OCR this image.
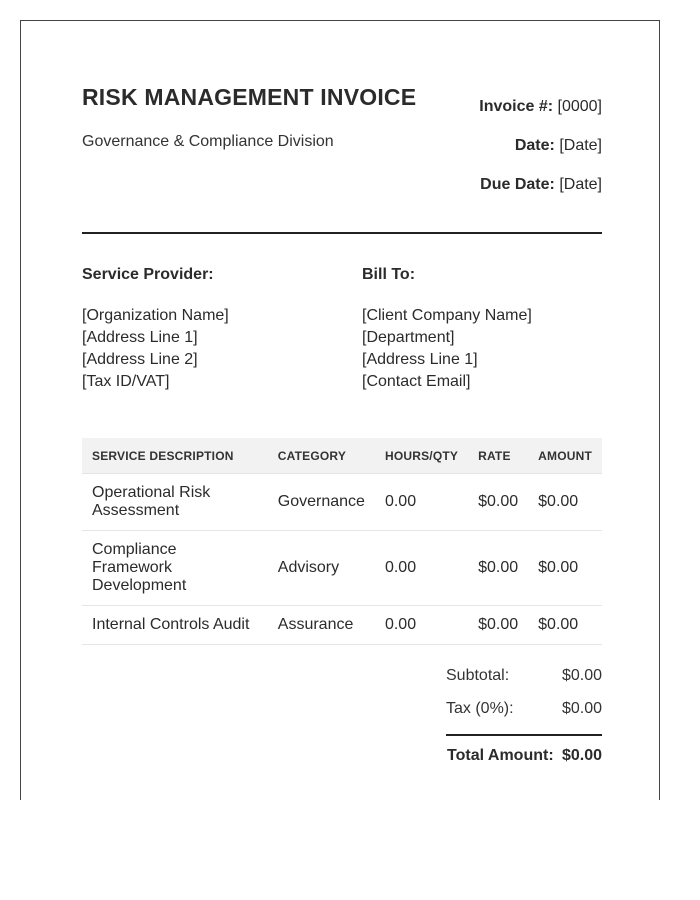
RISK MANAGEMENT INVOICE
Governance & Compliance Division
Invoice #: [0000]
Date: [Date]
Due Date: [Date]
Service Provider:
[Organization Name]
[Address Line 1]
[Address Line 2]
[Tax ID/VAT]
Bill To:
[Client Company Name]
[Department]
[Address Line 1]
[Contact Email]
SERVICE DESCRIPTION	CATEGORY	HOURS/QTY	RATE	AMOUNT
Operational Risk Assessment	Governance	0.00	$0.00	$0.00
Compliance Framework Development	Advisory	0.00	$0.00	$0.00
Internal Controls Audit	Assurance	0.00	$0.00	$0.00
Subtotal:	$0.00
Tax (0%):	$0.00
Total Amount: $0.00
